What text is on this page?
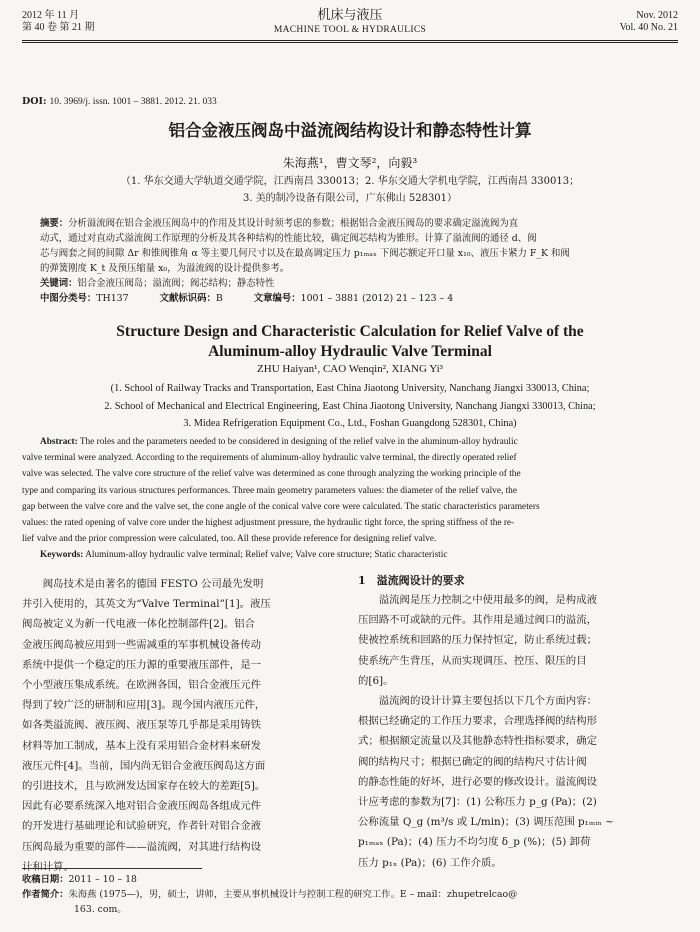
2012 年 11 月
第 40 卷 第 21 期
机床与液压
MACHINE TOOL & HYDRAULICS
Nov. 2012
Vol. 40 No. 21
DOI: 10. 3969/j. issn. 1001 – 3881. 2012. 21. 033
铝合金液压阀岛中溢流阀结构设计和静态特性计算
朱海燕¹，曹文琴²，向毅³
（1. 华东交通大学轨道交通学院，江西南昌 330013；2. 华东交通大学机电学院，江西南昌 330013；
3. 美的制冷设备有限公司，广东佛山 528301）
摘要：分析溢流阀在铝合金液压阀岛中的作用及其设计时须考虑的参数；根据铝合金液压阀岛的要求确定溢流阀为直
动式，通过对直动式溢流阀工作原理的分析及其各种结构的性能比较，确定阀芯结构为锥形。计算了溢流阀的通径 d、阀
芯与阀套之间的间隙 Δr 和锥阀锥角 α 等主要几何尺寸以及在最高调定压力 p₁ₘₐₓ 下阀芯额定开口量 x₁₀、液压卡紧力 F_K 和阀
的弹簧刚度 K_t 及预压缩量 x₀，为溢流阀的设计提供参考。
关键词：铝合金液压阀岛；溢流阀；阀芯结构；静态特性
中图分类号：TH137	文献标识码：B	文章编号：1001 – 3881 (2012) 21 – 123 – 4
Structure Design and Characteristic Calculation for Relief Valve of the
Aluminum-alloy Hydraulic Valve Terminal
ZHU Haiyan¹, CAO Wenqin², XIANG Yi³
(1. School of Railway Tracks and Transportation, East China Jiaotong University, Nanchang Jiangxi 330013, China;
2. School of Mechanical and Electrical Engineering, East China Jiaotong University, Nanchang Jiangxi 330013, China;
3. Midea Refrigeration Equipment Co., Ltd., Foshan Guangdong 528301, China)
Abstract: The roles and the parameters needed to be considered in designing of the relief valve in the aluminum-alloy hydraulic
valve terminal were analyzed. According to the requirements of aluminum-alloy hydraulic valve terminal, the directly operated relief
valve was selected. The valve core structure of the relief valve was determined as cone through analyzing the working principle of the
type and comparing its various structures performances. Three main geometry parameters values: the diameter of the relief valve, the
gap between the valve core and the valve set, the cone angle of the conical valve core were calculated. The static characteristics parameters
values: the rated opening of valve core under the highest adjustment pressure, the hydraulic tight force, the spring stiffness of the re-
lief valve and the prior compression were calculated, too. All these provide reference for designing relief valve.
Keywords: Aluminum-alloy hydraulic valve terminal; Relief valve; Valve core structure; Static characteristic
　　阀岛技术是由著名的德国 FESTO 公司最先发明
并引入使用的，其英文为“Valve Terminal”[1]。液压
阀岛被定义为新一代电液一体化控制部件[2]。铝合
金液压阀岛被应用到一些需减重的军事机械设备传动
系统中提供一个稳定的压力源的重要液压部件，是一
个小型液压集成系统。在欧洲各国，铝合金液压元件
得到了较广泛的研制和应用[3]。现今国内液压元件，
如各类溢流阀、液压阀、液压泵等几乎都是采用铸铁
材料等加工制成，基本上没有采用铝合金材料来研发
液压元件[4]。当前，国内尚无铝合金液压阀岛这方面
的引进技术，且与欧洲发达国家存在较大的差距[5]。
因此有必要系统深入地对铝合金液压阀岛各组成元件
的开发进行基础理论和试验研究，作者针对铝合金液
压阀岛最为重要的部件——溢流阀，对其进行结构设
计和计算。
1　溢流阀设计的要求
　　溢流阀是压力控制之中使用最多的阀，是构成液
压回路不可或缺的元件。其作用是通过阀口的溢流，
使被控系统和回路的压力保持恒定，防止系统过载；
使系统产生背压，从而实现调压、控压、限压的目
的[6]。
　　溢流阀的设计计算主要包括以下几个方面内容：
根据已经确定的工作压力要求，合理选择阀的结构形
式；根据额定流量以及其他静态特性指标要求，确定
阀的结构尺寸；根据已确定的阀的结构尺寸估计阀
的静态性能的好坏，进行必要的修改设计。溢流阀设
计应考虑的参数为[7]：(1) 公称压力 p_g (Pa)；(2)
公称流量 Q_g (m³/s 或 L/min)；(3) 调压范围 p₁ₘᵢₙ ~
p₁ₘₐₓ (Pa)；(4) 压力不均匀度 δ_p (%)；(5) 卸荷
压力 p₁ₓ (Pa)；(6) 工作介质。
收稿日期：2011 – 10 – 18
作者简介：朱海燕 (1975—)，男，硕士，讲师，主要从事机械设计与控制工程的研究工作。E – mail：zhupetrelcao@
163. com。
